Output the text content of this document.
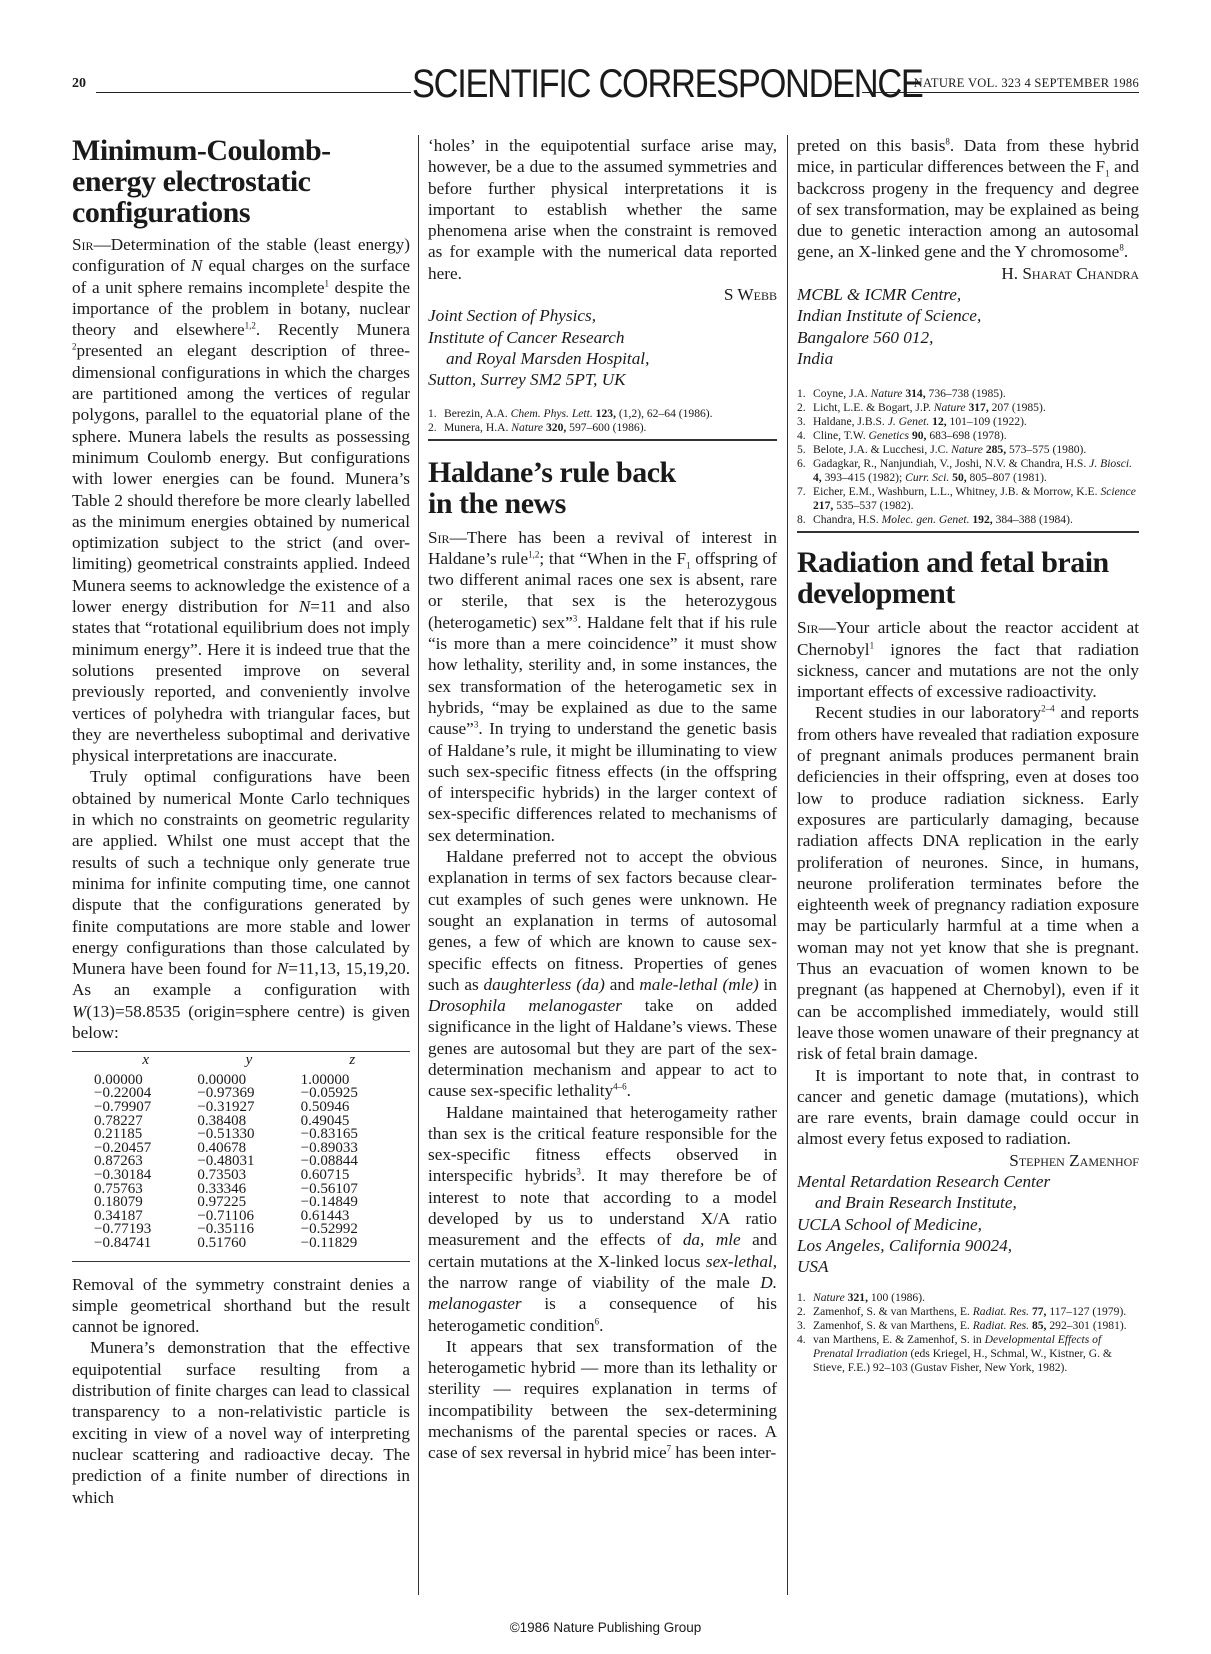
20	SCIENTIFIC CORRESPONDENCE
NATURE VOL. 323 4 SEPTEMBER 1986
Minimum-Coulomb-energy electrostatic configurations

Sir—Determination of the stable (least energy) configuration of N equal charges on the surface of a unit sphere remains incomplete$^1$ despite the importance of the problem in botany, nuclear theory and elsewhere$^{1,2}$. Recently Munera $^2$presented an elegant description of three-dimensional configurations in which the charges are partitioned among the vertices of regular polygons, parallel to the equatorial plane of the sphere. Munera labels the results as possessing minimum Coulomb energy. But configurations with lower energies can be found. Munera’s Table 2 should therefore be more clearly labelled as the minimum energies obtained by numerical optimization subject to the strict (and over-limiting) geometrical constraints applied. Indeed Munera seems to acknowledge the existence of a lower energy distribution for N=11 and also states that “rotational equilibrium does not imply minimum energy”. Here it is indeed true that the solutions presented improve on several previously reported, and conveniently involve vertices of polyhedra with triangular faces, but they are nevertheless suboptimal and derivative physical interpretations are inaccurate.

Truly optimal configurations have been obtained by numerical Monte Carlo techniques in which no constraints on geometric regularity are applied. Whilst one must accept that the results of such a technique only generate true minima for infinite computing time, one cannot dispute that the configurations generated by finite computations are more stable and lower energy configurations than those calculated by Munera have been found for N=11,13, 15,19,20. As an example a configuration with W(13)=58.8535 (origin=sphere centre) is given below:

x	y	z
0.00000	0.00000	1.00000
−0.22004	−0.97369	−0.05925
−0.79907	−0.31927	0.50946
0.78227	0.38408	0.49045
0.21185	−0.51330	−0.83165
−0.20457	0.40678	−0.89033
0.87263	−0.48031	−0.08844
−0.30184	0.73503	0.60715
0.75763	0.33346	−0.56107
0.18079	0.97225	−0.14849
0.34187	−0.71106	0.61443
−0.77193	−0.35116	−0.52992
−0.84741	0.51760	−0.11829

Removal of the symmetry constraint denies a simple geometrical shorthand but the result cannot be ignored.

Munera’s demonstration that the effective equipotential surface resulting from a distribution of finite charges can lead to classical transparency to a non-relativistic particle is exciting in view of a novel way of interpreting nuclear scattering and radioactive decay. The prediction of a finite number of directions in which

‘holes’ in the equipotential surface arise may, however, be a due to the assumed symmetries and before further physical interpretations it is important to establish whether the same phenomena arise when the constraint is removed as for example with the numerical data reported here.

S Webb

Joint Section of Physics,
Institute of Cancer Research
and Royal Marsden Hospital,
Sutton, Surrey SM2 5PT, UK
1. Berezin, A.A. Chem. Phys. Lett. 123, (1,2), 62–64 (1986).
2. Munera, H.A. Nature 320, 597–600 (1986).
Haldane’s rule back in the news

Sir—There has been a revival of interest in Haldane’s rule$^{1,2}$; that “When in the $F_1$ offspring of two different animal races one sex is absent, rare or sterile, that sex is the heterozygous (heterogametic) sex”$^3$. Haldane felt that if his rule “is more than a mere coincidence” it must show how lethality, sterility and, in some instances, the sex transformation of the heterogametic sex in hybrids, “may be explained as due to the same cause”$^3$. In trying to understand the genetic basis of Haldane’s rule, it might be illuminating to view such sex-specific fitness effects (in the offspring of interspecific hybrids) in the larger context of sex-specific differences related to mechanisms of sex determination.

Haldane preferred not to accept the obvious explanation in terms of sex factors because clear-cut examples of such genes were unknown. He sought an explanation in terms of autosomal genes, a few of which are known to cause sex-specific effects on fitness. Properties of genes such as daughterless (da) and male-lethal (mle) in Drosophila melanogaster take on added significance in the light of Haldane’s views. These genes are autosomal but they are part of the sex-determination mechanism and appear to act to cause sex-specific lethality$^{4-6}$.

Haldane maintained that heterogameity rather than sex is the critical feature responsible for the sex-specific fitness effects observed in interspecific hybrids$^3$. It may therefore be of interest to note that according to a model developed by us to understand X/A ratio measurement and the effects of da, mle and certain mutations at the X-linked locus sex-lethal, the narrow range of viability of the male D. melanogaster is a consequence of his heterogametic condition$^6$.

It appears that sex transformation of the heterogametic hybrid — more than its lethality or sterility — requires explanation in terms of incompatibility between the sex-determining mechanisms of the parental species or races. A case of sex reversal in hybrid mice$^7$ has been inter-

preted on this basis$^8$. Data from these hybrid mice, in particular differences between the $F_1$ and backcross progeny in the frequency and degree of sex transformation, may be explained as being due to genetic interaction among an autosomal gene, an X-linked gene and the Y chromosome$^8$.

H. Sharat Chandra

MCBL & ICMR Centre,
Indian Institute of Science,
Bangalore 560 012,
India
1. Coyne, J.A. Nature 314, 736–738 (1985).
2. Licht, L.E. & Bogart, J.P. Nature 317, 207 (1985).
3. Haldane, J.B.S. J. Genet. 12, 101–109 (1922).
4. Cline, T.W. Genetics 90, 683–698 (1978).
5. Belote, J.A. & Lucchesi, J.C. Nature 285, 573–575 (1980).
6. Gadagkar, R., Nanjundiah, V., Joshi, N.V. & Chandra, H.S. J. Biosci. 4, 393–415 (1982); Curr. Sci. 50, 805–807 (1981).
7. Eicher, E.M., Washburn, L.L., Whitney, J.B. & Morrow, K.E. Science 217, 535–537 (1982).
8. Chandra, H.S. Molec. gen. Genet. 192, 384–388 (1984).
Radiation and fetal brain development

Sir—Your article about the reactor accident at Chernobyl$^1$ ignores the fact that radiation sickness, cancer and mutations are not the only important effects of excessive radioactivity.

Recent studies in our laboratory$^{2-4}$ and reports from others have revealed that radiation exposure of pregnant animals produces permanent brain deficiencies in their offspring, even at doses too low to produce radiation sickness. Early exposures are particularly damaging, because radiation affects DNA replication in the early proliferation of neurones. Since, in humans, neurone proliferation terminates before the eighteenth week of pregnancy radiation exposure may be particularly harmful at a time when a woman may not yet know that she is pregnant. Thus an evacuation of women known to be pregnant (as happened at Chernobyl), even if it can be accomplished immediately, would still leave those women unaware of their pregnancy at risk of fetal brain damage.

It is important to note that, in contrast to cancer and genetic damage (mutations), which are rare events, brain damage could occur in almost every fetus exposed to radiation.

Stephen Zamenhof

Mental Retardation Research Center
and Brain Research Institute,
UCLA School of Medicine,
Los Angeles, California 90024,
USA
1. Nature 321, 100 (1986).
2. Zamenhof, S. & van Marthens, E. Radiat. Res. 77, 117–127 (1979).
3. Zamenhof, S. & van Marthens, E. Radiat. Res. 85, 292–301 (1981).
4. van Marthens, E. & Zamenhof, S. in Developmental Effects of Prenatal Irradiation (eds Kriegel, H., Schmal, W., Kistner, G. & Stieve, F.E.) 92–103 (Gustav Fisher, New York, 1982).
©1986 Nature Publishing Group
